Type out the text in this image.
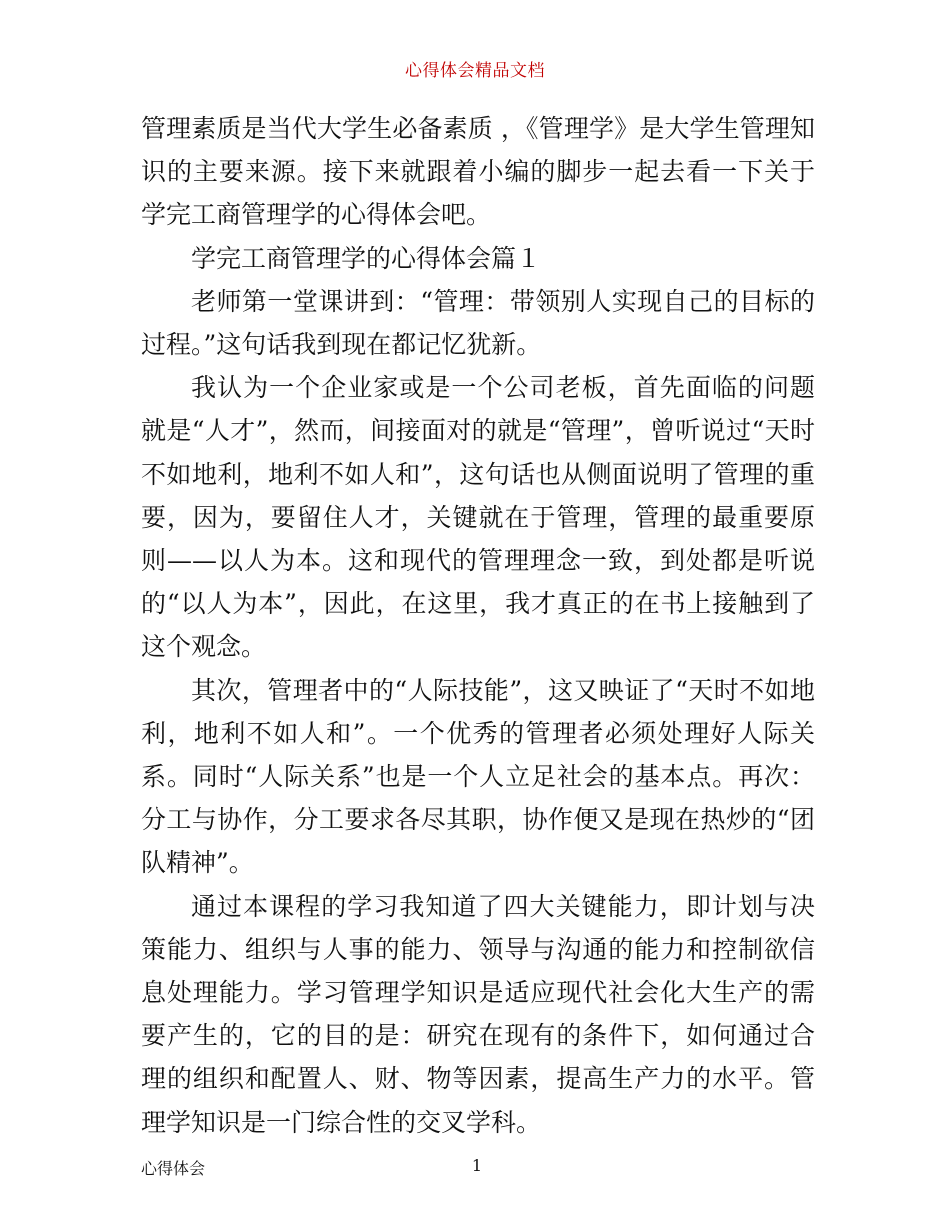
心得体会精品文档

管理素质是当代大学生必备素质 ，《管理学》是大学生管理知识的主要来源。接下来就跟着小编的脚步一起去看一下关于学完工商管理学的心得体会吧。

学完工商管理学的心得体会篇１

老师第一堂课讲到：“管理：带领别人实现自己的目标的过程。”这句话我到现在都记忆犹新。

我认为一个企业家或是一个公司老板，首先面临的问题就是“人才”，然而，间接面对的就是“管理”，曾听说过“天时不如地利，地利不如人和”，这句话也从侧面说明了管理的重要，因为，要留住人才，关键就在于管理，管理的最重要原则——以人为本。这和现代的管理理念一致，到处都是听说的“以人为本”，因此，在这里，我才真正的在书上接触到了这个观念。

其次，管理者中的“人际技能”，这又映证了“天时不如地利，地利不如人和”。一个优秀的管理者必须处理好人际关系。同时“人际关系”也是一个人立足社会的基本点。再次：分工与协作，分工要求各尽其职，协作便又是现在热炒的“团队精神”。

通过本课程的学习我知道了四大关键能力，即计划与决策能力、组织与人事的能力、领导与沟通的能力和控制欲信息处理能力。学习管理学知识是适应现代社会化大生产的需要产生的，它的目的是：研究在现有的条件下，如何通过合理的组织和配置人、财、物等因素，提高生产力的水平。管理学知识是一门综合性的交叉学科。

心得体会	1
